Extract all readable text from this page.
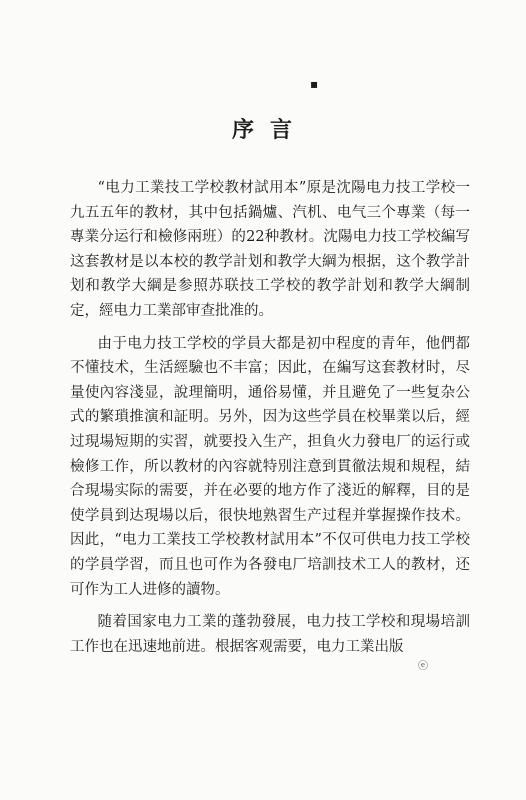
▪
序言

“电力工業技工学校教材試用本”原是沈陽电力技工学校一九五五年的教材，其中包括鍋爐、汽机、电气三个專業（每一專業分运行和檢修兩班）的22种教材。沈陽电力技工学校編写这套教材是以本校的教学計划和教学大綱为根据，这个教学計划和教学大綱是参照苏联技工学校的教学計划和教学大綱制定，經电力工業部审查批准的。

由于电力技工学校的学員大都是初中程度的青年，他們都不懂技术，生活經驗也不丰富；因此，在編写这套教材时，尽量使內容淺显，說理簡明，通俗易懂，并且避免了一些复杂公式的繁瑣推演和証明。另外，因为这些学員在校畢業以后，經过現場短期的实習，就要投入生产，担負火力發电厂的运行或檢修工作，所以教材的內容就特別注意到貫徹法規和規程，結合現場实际的需要，并在必要的地方作了淺近的解釋，目的是使学員到达現場以后，很快地熟習生产过程并掌握操作技术。因此，“电力工業技工学校教材試用本”不仅可供电力技工学校的学員学習，而且也可作为各發电厂培訓技术工人的教材，还可作为工人进修的讀物。

随着国家电力工業的蓬勃發展，电力技工学校和現場培訓工作也在迅速地前进。根据客观需要，电力工業出版

ⓔ
